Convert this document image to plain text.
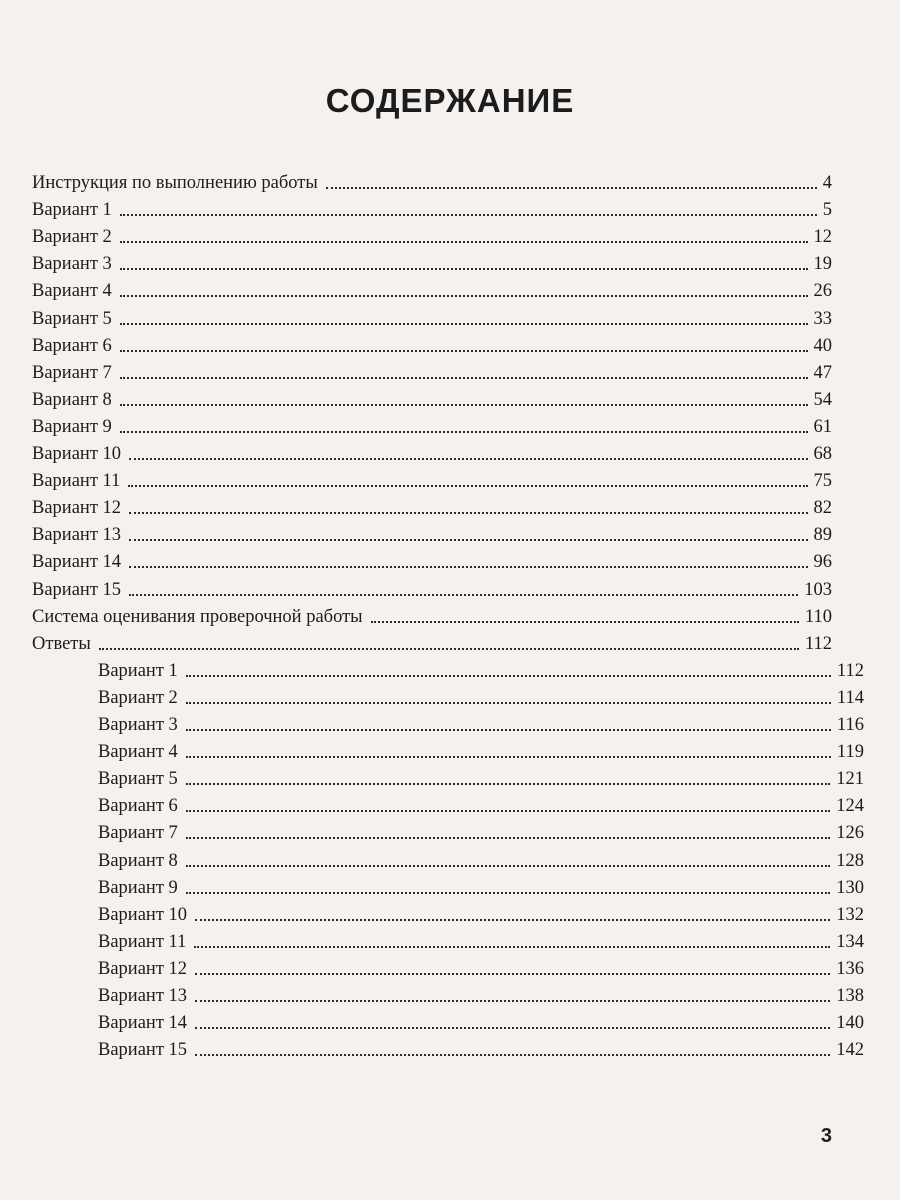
СОДЕРЖАНИЕ
Инструкция по выполнению работы	4
Вариант 1	5
Вариант 2	12
Вариант 3	19
Вариант 4	26
Вариант 5	33
Вариант 6	40
Вариант 7	47
Вариант 8	54
Вариант 9	61
Вариант 10	68
Вариант 11	75
Вариант 12	82
Вариант 13	89
Вариант 14	96
Вариант 15	103
Система оценивания проверочной работы	110
Ответы	112
Вариант 1	112
Вариант 2	114
Вариант 3	116
Вариант 4	119
Вариант 5	121
Вариант 6	124
Вариант 7	126
Вариант 8	128
Вариант 9	130
Вариант 10	132
Вариант 11	134
Вариант 12	136
Вариант 13	138
Вариант 14	140
Вариант 15	142
3
